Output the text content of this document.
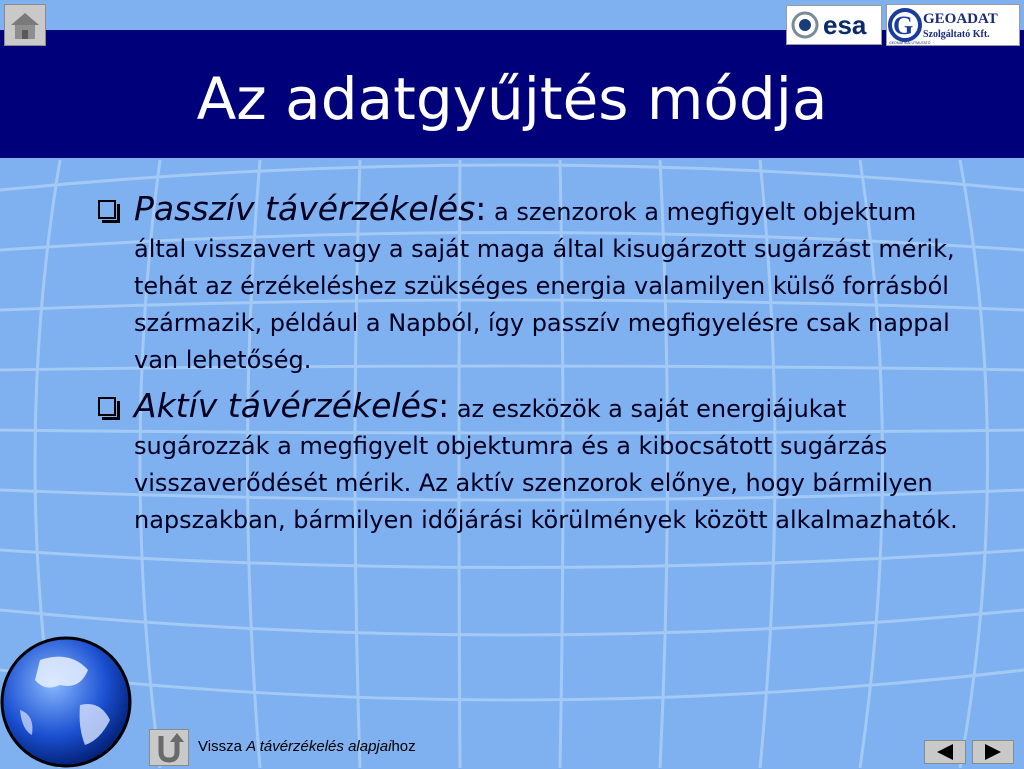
Az adatgyűjtés módja
esa G GEOADAT
Szolgáltató Kft.
GEOMATIKAI ÚTMUTATÓ
Passzív távérzékelés: a szenzorok a megfigyelt objektum által visszavert vagy a saját maga által kisugárzott sugárzást mérik, tehát az érzékeléshez szükséges energia valamilyen külső forrásból származik, például a Napból, így passzív megfigyelésre csak nappal van lehetőség.
Aktív távérzékelés: az eszközök a saját energiájukat sugározzák a megfigyelt objektumra és a kibocsátott sugárzás visszaverődését mérik. Az aktív szenzorok előnye, hogy bármilyen napszakban, bármilyen időjárási körülmények között alkalmazhatók.
Vissza A távérzékelés alapjaihoz
